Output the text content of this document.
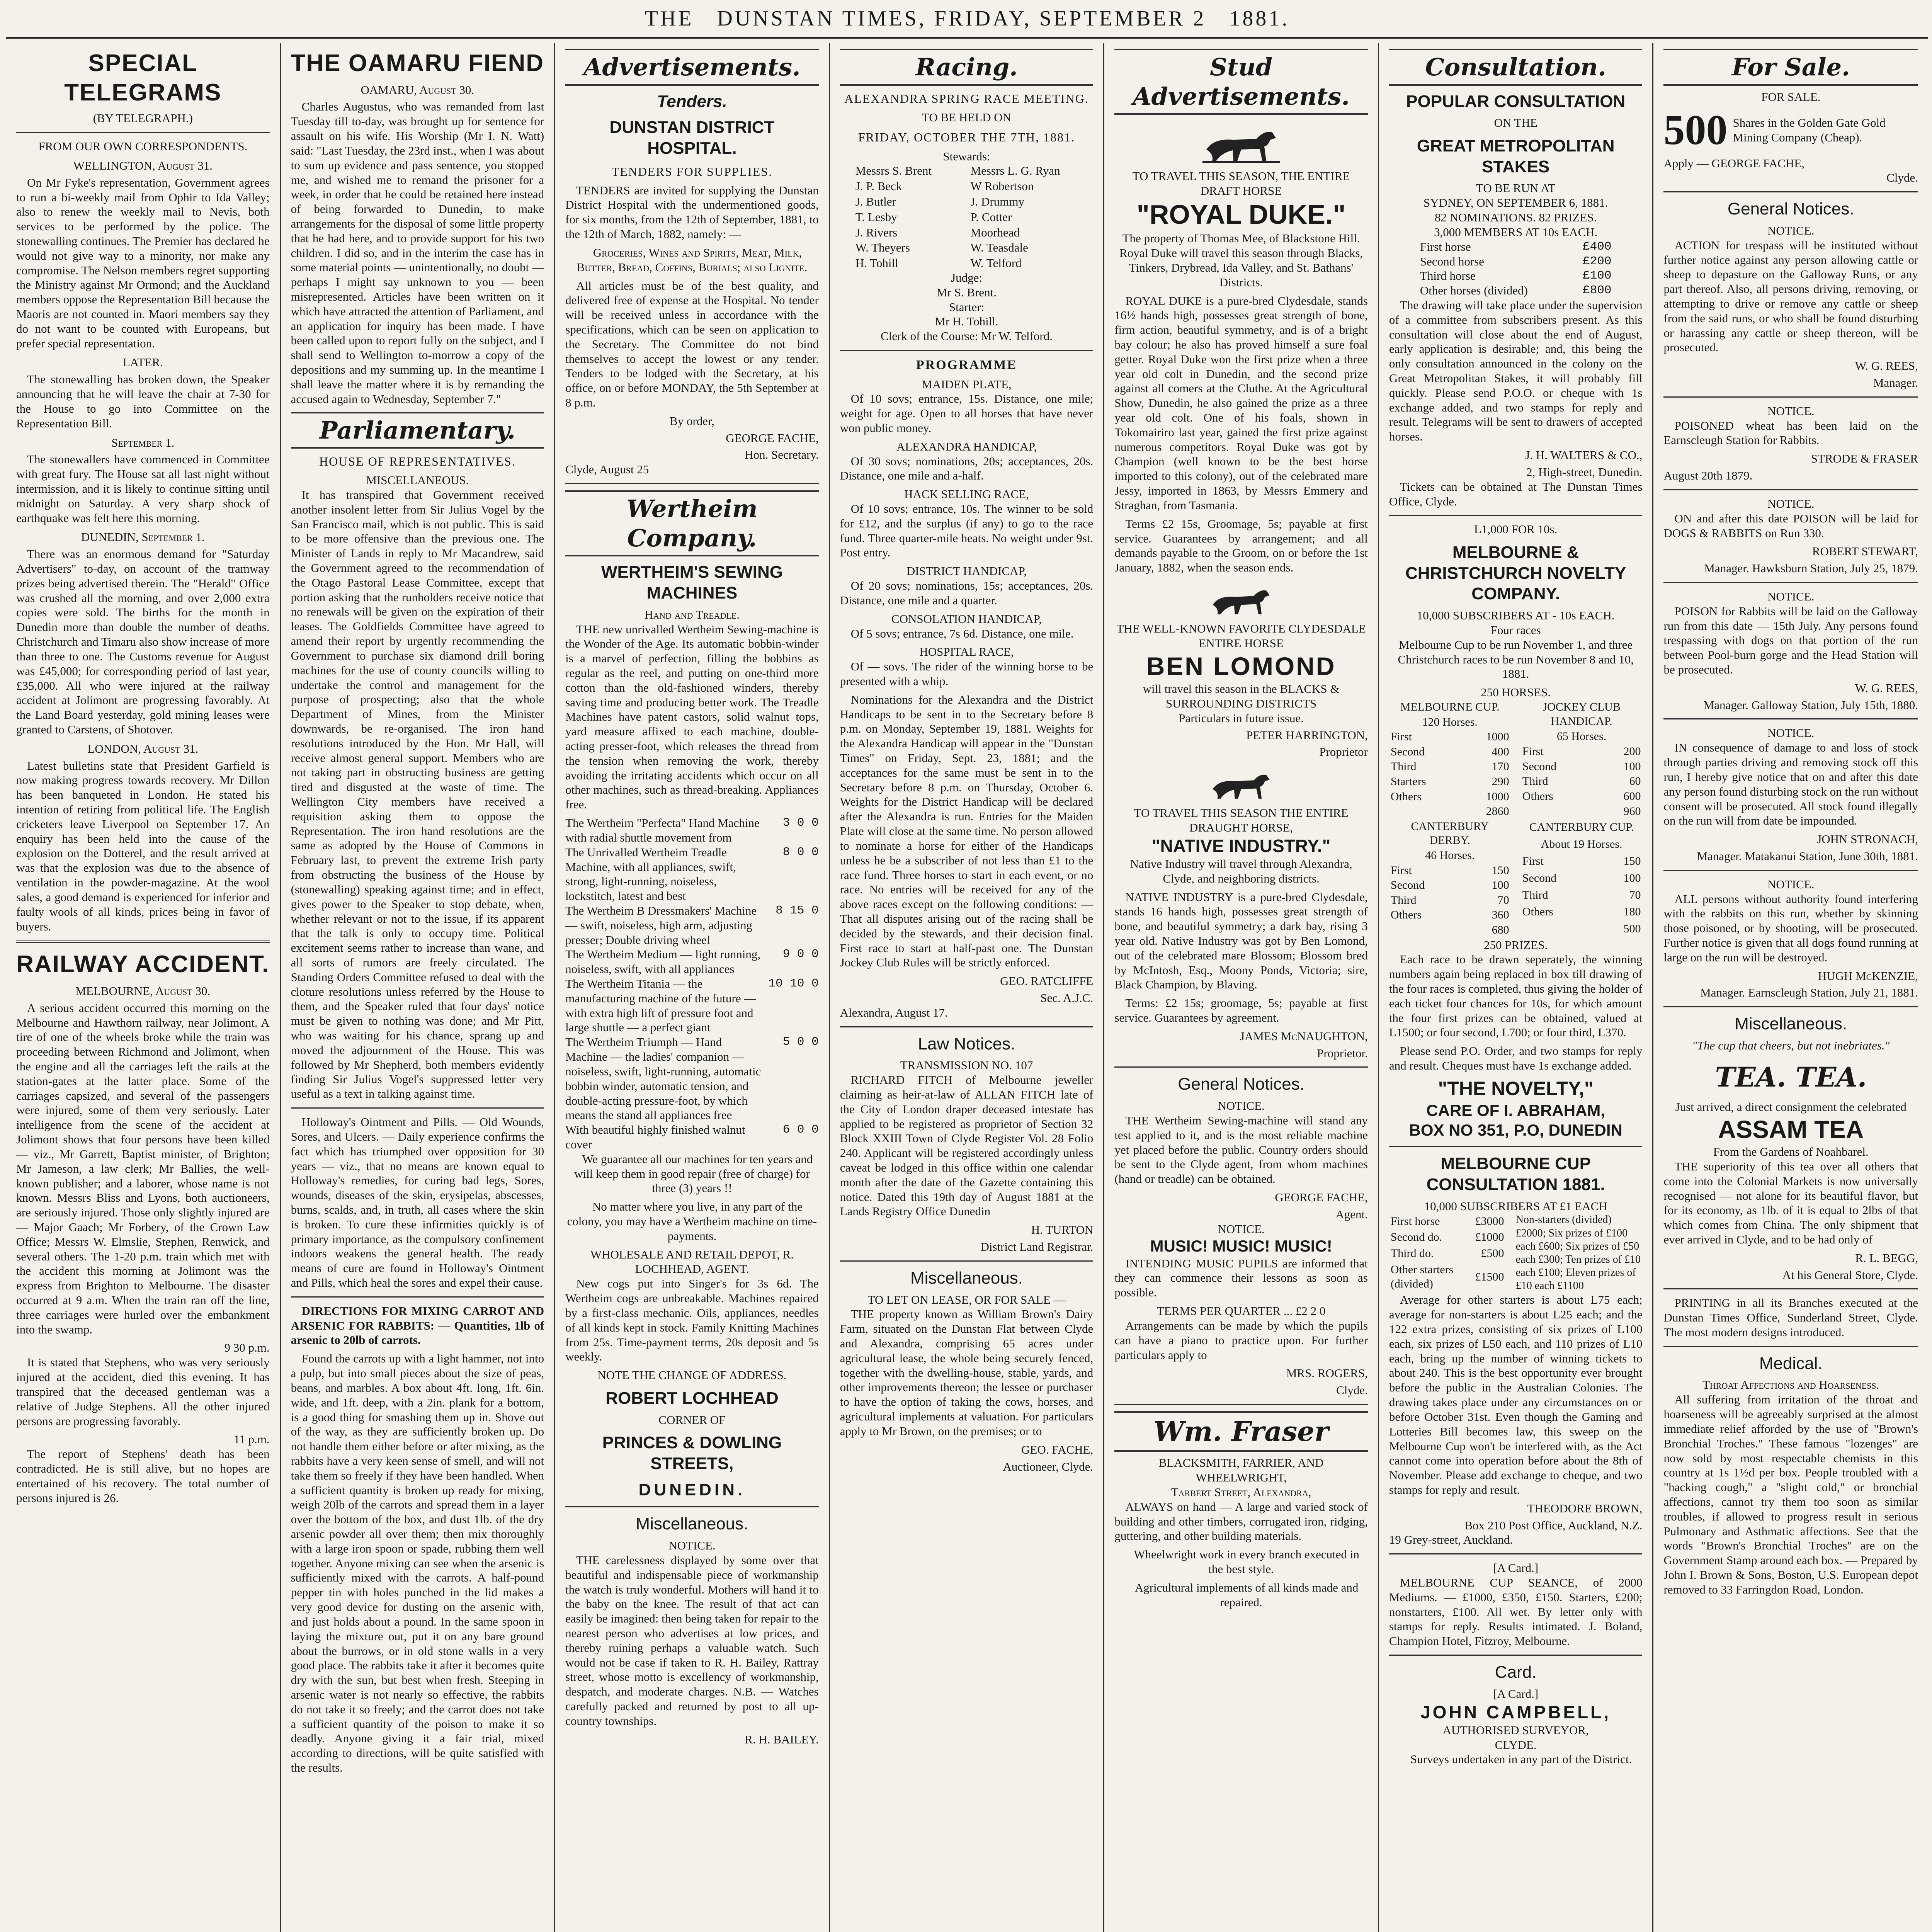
THE DUNSTAN TIMES, FRIDAY, SEPTEMBER 2 1881.
SPECIAL TELEGRAMS
(BY TELEGRAPH.)
FROM OUR OWN CORRESPONDENTS.
WELLINGTON, August 31.

On Mr Fyke's representation, Government agrees to run a bi-weekly mail from Ophir to Ida Valley; also to renew the weekly mail to Nevis, both services to be performed by the police. The stonewalling continues. The Premier has declared he would not give way to a minority, nor make any compromise. The Nelson members regret supporting the Ministry against Mr Ormond; and the Auckland members oppose the Representation Bill because the Maoris are not counted in. Maori members say they do not want to be counted with Europeans, but prefer special representation.

LATER.

The stonewalling has broken down, the Speaker announcing that he will leave the chair at 7-30 for the House to go into Committee on the Representation Bill.

September 1.

The stonewallers have commenced in Committee with great fury. The House sat all last night without intermission, and it is likely to continue sitting until midnight on Saturday. A very sharp shock of earthquake was felt here this morning.

DUNEDIN, September 1.

There was an enormous demand for "Saturday Advertisers" to-day, on account of the tramway prizes being advertised therein. The "Herald" Office was crushed all the morning, and over 2,000 extra copies were sold. The births for the month in Dunedin more than double the number of deaths. Christchurch and Timaru also show increase of more than three to one. The Customs revenue for August was £45,000; for corresponding period of last year, £35,000. All who were injured at the railway accident at Jolimont are progressing favorably. At the Land Board yesterday, gold mining leases were granted to Carstens, of Shotover.

LONDON, August 31.

Latest bulletins state that President Garfield is now making progress towards recovery. Mr Dillon has been banqueted in London. He stated his intention of retiring from political life. The English cricketers leave Liverpool on September 17. An enquiry has been held into the cause of the explosion on the Dotterel, and the result arrived at was that the explosion was due to the absence of ventilation in the powder-magazine. At the wool sales, a good demand is experienced for inferior and faulty wools of all kinds, prices being in favor of buyers.

RAILWAY ACCIDENT.
MELBOURNE, August 30.

A serious accident occurred this morning on the Melbourne and Hawthorn railway, near Jolimont. A tire of one of the wheels broke while the train was proceeding between Richmond and Jolimont, when the engine and all the carriages left the rails at the station-gates at the latter place. Some of the carriages capsized, and several of the passengers were injured, some of them very seriously. Later intelligence from the scene of the accident at Jolimont shows that four persons have been killed — viz., Mr Garrett, Baptist minister, of Brighton; Mr Jameson, a law clerk; Mr Ballies, the well-known publisher; and a laborer, whose name is not known. Messrs Bliss and Lyons, both auctioneers, are seriously injured. Those only slightly injured are — Major Gaach; Mr Forbery, of the Crown Law Office; Messrs W. Elmslie, Stephen, Renwick, and several others. The 1-20 p.m. train which met with the accident this morning at Jolimont was the express from Brighton to Melbourne. The disaster occurred at 9 a.m. When the train ran off the line, three carriages were hurled over the embankment into the swamp.

9 30 p.m.

It is stated that Stephens, who was very seriously injured at the accident, died this evening. It has transpired that the deceased gentleman was a relative of Judge Stephens. All the other injured persons are progressing favorably.

11 p.m.

The report of Stephens' death has been contradicted. He is still alive, but no hopes are entertained of his recovery. The total number of persons injured is 26.

THE OAMARU FIEND
OAMARU, August 30.

Charles Augustus, who was remanded from last Tuesday till to-day, was brought up for sentence for assault on his wife. His Worship (Mr I. N. Watt) said: "Last Tuesday, the 23rd inst., when I was about to sum up evidence and pass sentence, you stopped me, and wished me to remand the prisoner for a week, in order that he could be retained here instead of being forwarded to Dunedin, to make arrangements for the disposal of some little property that he had here, and to provide support for his two children. I did so, and in the interim the case has in some material points — unintentionally, no doubt — perhaps I might say unknown to you — been misrepresented. Articles have been written on it which have attracted the attention of Parliament, and an application for inquiry has been made. I have been called upon to report fully on the subject, and I shall send to Wellington to-morrow a copy of the depositions and my summing up. In the meantime I shall leave the matter where it is by remanding the accused again to Wednesday, September 7."

Parliamentary.
HOUSE OF REPRESENTATIVES.
MISCELLANEOUS.

It has transpired that Government received another insolent letter from Sir Julius Vogel by the San Francisco mail, which is not public. This is said to be more offensive than the previous one. The Minister of Lands in reply to Mr Macandrew, said the Government agreed to the recommendation of the Otago Pastoral Lease Committee, except that portion asking that the runholders receive notice that no renewals will be given on the expiration of their leases. The Goldfields Committee have agreed to amend their report by urgently recommending the Government to purchase six diamond drill boring machines for the use of county councils willing to undertake the control and management for the purpose of prospecting; also that the whole Department of Mines, from the Minister downwards, be re-organised. The iron hand resolutions introduced by the Hon. Mr Hall, will receive almost general support. Members who are not taking part in obstructing business are getting tired and disgusted at the waste of time. The Wellington City members have received a requisition asking them to oppose the Representation. The iron hand resolutions are the same as adopted by the House of Commons in February last, to prevent the extreme Irish party from obstructing the business of the House by (stonewalling) speaking against time; and in effect, gives power to the Speaker to stop debate, when, whether relevant or not to the issue, if its apparent that the talk is only to occupy time. Political excitement seems rather to increase than wane, and all sorts of rumors are freely circulated. The Standing Orders Committee refused to deal with the cloture resolutions unless referred by the House to them, and the Speaker ruled that four days' notice must be given to nothing was done; and Mr Pitt, who was waiting for his chance, sprang up and moved the adjournment of the House. This was followed by Mr Shepherd, both members evidently finding Sir Julius Vogel's suppressed letter very useful as a text in talking against time.

Holloway's Ointment and Pills. — Old Wounds, Sores, and Ulcers. — Daily experience confirms the fact which has triumphed over opposition for 30 years — viz., that no means are known equal to Holloway's remedies, for curing bad legs, Sores, wounds, diseases of the skin, erysipelas, abscesses, burns, scalds, and, in truth, all cases where the skin is broken. To cure these infirmities quickly is of primary importance, as the compulsory confinement indoors weakens the general health. The ready means of cure are found in Holloway's Ointment and Pills, which heal the sores and expel their cause.

DIRECTIONS FOR MIXING CARROT AND ARSENIC FOR RABBITS: — Quantities, 1lb of arsenic to 20lb of carrots.

Found the carrots up with a light hammer, not into a pulp, but into small pieces about the size of peas, beans, and marbles. A box about 4ft. long, 1ft. 6in. wide, and 1ft. deep, with a 2in. plank for a bottom, is a good thing for smashing them up in. Shove out of the way, as they are sufficiently broken up. Do not handle them either before or after mixing, as the rabbits have a very keen sense of smell, and will not take them so freely if they have been handled. When a sufficient quantity is broken up ready for mixing, weigh 20lb of the carrots and spread them in a layer over the bottom of the box, and dust 1lb. of the dry arsenic powder all over them; then mix thoroughly with a large iron spoon or spade, rubbing them well together. Anyone mixing can see when the arsenic is sufficiently mixed with the carrots. A half-pound pepper tin with holes punched in the lid makes a very good device for dusting on the arsenic with, and just holds about a pound. In the same spoon in laying the mixture out, put it on any bare ground about the burrows, or in old stone walls in a very good place. The rabbits take it after it becomes quite dry with the sun, but best when fresh. Steeping in arsenic water is not nearly so effective, the rabbits do not take it so freely; and the carrot does not take a sufficient quantity of the poison to make it so deadly. Anyone giving it a fair trial, mixed according to directions, will be quite satisfied with the results.

Advertisements.
Tenders.
DUNSTAN DISTRICT HOSPITAL.
TENDERS FOR SUPPLIES.

TENDERS are invited for supplying the Dunstan District Hospital with the undermentioned goods, for six months, from the 12th of September, 1881, to the 12th of March, 1882, namely: —

Groceries, Wines and Spirits, Meat, Milk, Butter, Bread, Coffins, Burials; also Lignite.

All articles must be of the best quality, and delivered free of expense at the Hospital. No tender will be received unless in accordance with the specifications, which can be seen on application to the Secretary. The Committee do not bind themselves to accept the lowest or any tender. Tenders to be lodged with the Secretary, at his office, on or before MONDAY, the 5th September at 8 p.m.

By order,
GEORGE FACHE,
Hon. Secretary.
Clyde, August 25
Wertheim Company.
WERTHEIM'S SEWING MACHINES
Hand and Treadle.

THE new unrivalled Wertheim Sewing-machine is the Wonder of the Age. Its automatic bobbin-winder is a marvel of perfection, filling the bobbins as regular as the reel, and putting on one-third more cotton than the old-fashioned winders, thereby saving time and producing better work. The Treadle Machines have patent castors, solid walnut tops, yard measure affixed to each machine, double-acting presser-foot, which releases the thread from the tension when removing the work, thereby avoiding the irritating accidents which occur on all other machines, such as thread-breaking. Appliances free.

The Wertheim "Perfecta" Hand Machine with radial shuttle movement from
3 0 0
The Unrivalled Wertheim Treadle Machine, with all appliances, swift, strong, light-running, noiseless, lockstitch, latest and best
8 0 0
The Wertheim B Dressmakers' Machine — swift, noiseless, high arm, adjusting presser; Double driving wheel
8 15 0
The Wertheim Medium — light running, noiseless, swift, with all appliances
9 0 0
The Wertheim Titania — the manufacturing machine of the future — with extra high lift of pressure foot and large shuttle — a perfect giant
10 10 0
The Wertheim Triumph — Hand Machine — the ladies' companion — noiseless, swift, light-running, automatic bobbin winder, automatic tension, and double-acting pressure-foot, by which means the stand all appliances free
5 0 0
With beautiful highly finished walnut cover
6 0 0

We guarantee all our machines for ten years and will keep them in good repair (free of charge) for three (3) years !!

No matter where you live, in any part of the colony, you may have a Wertheim machine on time-payments.

WHOLESALE AND RETAIL DEPOT, R. LOCHHEAD, AGENT.

New cogs put into Singer's for 3s 6d. The Wertheim cogs are unbreakable. Machines repaired by a first-class mechanic. Oils, appliances, needles of all kinds kept in stock. Family Knitting Machines from 25s. Time-payment terms, 20s deposit and 5s weekly.

NOTE THE CHANGE OF ADDRESS.
ROBERT LOCHHEAD
CORNER OF
PRINCES & DOWLING STREETS,
DUNEDIN.
Miscellaneous.
NOTICE.

THE carelessness displayed by some over that beautiful and indispensable piece of workmanship the watch is truly wonderful. Mothers will hand it to the baby on the knee. The result of that act can easily be imagined: then being taken for repair to the nearest person who advertises at low prices, and thereby ruining perhaps a valuable watch. Such would not be case if taken to R. H. Bailey, Rattray street, whose motto is excellency of workmanship, despatch, and moderate charges. N.B. — Watches carefully packed and returned by post to all up-country townships.

R. H. BAILEY.
Racing.
ALEXANDRA SPRING RACE MEETING.
TO BE HELD ON
FRIDAY, OCTOBER THE 7TH, 1881.
Stewards:
Messrs S. Brent	Messrs L. G. Ryan
J. P. Beck	W Robertson
J. Butler	J. Drummy
T. Lesby	P. Cotter
J. Rivers	Moorhead
W. Theyers	W. Teasdale
H. Tohill	W. Telford
Judge:
Mr S. Brent.
Starter:
Mr H. Tohill.
Clerk of the Course: Mr W. Telford.
PROGRAMME
MAIDEN PLATE,

Of 10 sovs; entrance, 15s. Distance, one mile; weight for age. Open to all horses that have never won public money.

ALEXANDRA HANDICAP,

Of 30 sovs; nominations, 20s; acceptances, 20s. Distance, one mile and a-half.

HACK SELLING RACE,

Of 10 sovs; entrance, 10s. The winner to be sold for £12, and the surplus (if any) to go to the race fund. Three quarter-mile heats. No weight under 9st. Post entry.

DISTRICT HANDICAP,

Of 20 sovs; nominations, 15s; acceptances, 20s. Distance, one mile and a quarter.

CONSOLATION HANDICAP,

Of 5 sovs; entrance, 7s 6d. Distance, one mile.

HOSPITAL RACE,

Of — sovs. The rider of the winning horse to be presented with a whip.

Nominations for the Alexandra and the District Handicaps to be sent in to the Secretary before 8 p.m. on Monday, September 19, 1881. Weights for the Alexandra Handicap will appear in the "Dunstan Times" on Friday, Sept. 23, 1881; and the acceptances for the same must be sent in to the Secretary before 8 p.m. on Thursday, October 6. Weights for the District Handicap will be declared after the Alexandra is run. Entries for the Maiden Plate will close at the same time. No person allowed to nominate a horse for either of the Handicaps unless he be a subscriber of not less than £1 to the race fund. Three horses to start in each event, or no race. No entries will be received for any of the above races except on the following conditions: — That all disputes arising out of the racing shall be decided by the stewards, and their decision final. First race to start at half-past one. The Dunstan Jockey Club Rules will be strictly enforced.

GEO. RATCLIFFE
Sec. A.J.C.
Alexandra, August 17.
Law Notices.
TRANSMISSION NO. 107

RICHARD FITCH of Melbourne jeweller claiming as heir-at-law of ALLAN FITCH late of the City of London draper deceased intestate has applied to be registered as proprietor of Section 32 Block XXIII Town of Clyde Register Vol. 28 Folio 240. Applicant will be registered accordingly unless caveat be lodged in this office within one calendar month after the date of the Gazette containing this notice. Dated this 19th day of August 1881 at the Lands Registry Office Dunedin

H. TURTON
District Land Registrar.
Miscellaneous.
TO LET ON LEASE, OR FOR SALE —

THE property known as William Brown's Dairy Farm, situated on the Dunstan Flat between Clyde and Alexandra, comprising 65 acres under agricultural lease, the whole being securely fenced, together with the dwelling-house, stable, yards, and other improvements thereon; the lessee or purchaser to have the option of taking the cows, horses, and agricultural implements at valuation. For particulars apply to Mr Brown, on the premises; or to

GEO. FACHE,
Auctioneer, Clyde.
Stud Advertisements.
TO TRAVEL THIS SEASON, THE ENTIRE DRAFT HORSE
"ROYAL DUKE."
The property of Thomas Mee, of Blackstone Hill.

Royal Duke will travel this season through Blacks, Tinkers, Drybread, Ida Valley, and St. Bathans' Districts.

ROYAL DUKE is a pure-bred Clydesdale, stands 16½ hands high, possesses great strength of bone, firm action, beautiful symmetry, and is of a bright bay colour; he also has proved himself a sure foal getter. Royal Duke won the first prize when a three year old colt in Dunedin, and the second prize against all comers at the Cluthe. At the Agricultural Show, Dunedin, he also gained the prize as a three year old colt. One of his foals, shown in Tokomairiro last year, gained the first prize against numerous competitors. Royal Duke was got by Champion (well known to be the best horse imported to this colony), out of the celebrated mare Jessy, imported in 1863, by Messrs Emmery and Straghan, from Tasmania.

Terms £2 15s, Groomage, 5s; payable at first service. Guarantees by arrangement; and all demands payable to the Groom, on or before the 1st January, 1882, when the season ends.

THE WELL-KNOWN FAVORITE CLYDESDALE ENTIRE HORSE
BEN LOMOND
will travel this season in the BLACKS & SURROUNDING DISTRICTS
Particulars in future issue.
PETER HARRINGTON,
Proprietor
TO TRAVEL THIS SEASON THE ENTIRE DRAUGHT HORSE,
"NATIVE INDUSTRY."

Native Industry will travel through Alexandra, Clyde, and neighboring districts.

NATIVE INDUSTRY is a pure-bred Clydesdale, stands 16 hands high, possesses great strength of bone, and beautiful symmetry; a dark bay, rising 3 year old. Native Industry was got by Ben Lomond, out of the celebrated mare Blossom; Blossom bred by McIntosh, Esq., Moony Ponds, Victoria; sire, Black Champion, by Blaving.

Terms: £2 15s; groomage, 5s; payable at first service. Guarantees by agreement.

JAMES McNAUGHTON,
Proprietor.
General Notices.
NOTICE.

THE Wertheim Sewing-machine will stand any test applied to it, and is the most reliable machine yet placed before the public. Country orders should be sent to the Clyde agent, from whom machines (hand or treadle) can be obtained.

GEORGE FACHE,
Agent.
NOTICE.
MUSIC! MUSIC! MUSIC!

INTENDING MUSIC PUPILS are informed that they can commence their lessons as soon as possible.

TERMS PER QUARTER ... £2 2 0

Arrangements can be made by which the pupils can have a piano to practice upon. For further particulars apply to

MRS. ROGERS,
Clyde.
Wm. Fraser
BLACKSMITH, FARRIER, AND WHEELWRIGHT,
Tarbert Street, Alexandra,

ALWAYS on hand — A large and varied stock of building and other timbers, corrugated iron, ridging, guttering, and other building materials.

Wheelwright work in every branch executed in the best style.

Agricultural implements of all kinds made and repaired.

Consultation.
POPULAR CONSULTATION
ON THE
GREAT METROPOLITAN STAKES
TO BE RUN AT
SYDNEY, ON SEPTEMBER 6, 1881.
82 NOMINATIONS. 82 PRIZES.
3,000 MEMBERS AT 10s EACH.
First horse	£400
Second horse	£200
Third horse	£100
Other horses (divided)	£800

The drawing will take place under the supervision of a committee from subscribers present. As this consultation will close about the end of August, early application is desirable; and, this being the only consultation announced in the colony on the Great Metropolitan Stakes, it will probably fill quickly. Please send P.O.O. or cheque with 1s exchange added, and two stamps for reply and result. Telegrams will be sent to drawers of accepted horses.

J. H. WALTERS & CO.,
2, High-street, Dunedin.

Tickets can be obtained at The Dunstan Times Office, Clyde.

L1,000 FOR 10s.
MELBOURNE & CHRISTCHURCH NOVELTY COMPANY.
10,000 SUBSCRIBERS AT - 10s EACH.
Four races

Melbourne Cup to be run November 1, and three Christchurch races to be run November 8 and 10, 1881.

250 HORSES.
MELBOURNE CUP.	
120 Horses.	
First	1000
Second	400
Third	170
Starters	290
Others	1000
	2860
JOCKEY CLUB HANDICAP.	
65 Horses.	
First	200
Second	100
Third	60
Others	600
	960
CANTERBURY DERBY.	
46 Horses.	
First	150
Second	100
Third	70
Others	360
	680
CANTERBURY CUP.	
About 19 Horses.	
First	150
Second	100
Third	70
Others	180
	500
250 PRIZES.

Each race to be drawn seperately, the winning numbers again being replaced in box till drawing of the four races is completed, thus giving the holder of each ticket four chances for 10s, for which amount the four first prizes can be obtained, valued at L1500; or four second, L700; or four third, L370.

Please send P.O. Order, and two stamps for reply and result. Cheques must have 1s exchange added.

"THE NOVELTY,"
CARE OF I. ABRAHAM,
BOX NO 351, P.O, DUNEDIN
MELBOURNE CUP CONSULTATION 1881.
10,000 SUBSCRIBERS AT £1 EACH
First horse	£3000
Second do.	£1000
Third do.	£500
Other starters (divided)	£1500
Non-starters (divided) £2000; Six prizes of £100 each £600; Six prizes of £50 each £300; Ten prizes of £10 each £100; Eleven prizes of £10 each £1100

Average for other starters is about L75 each; average for non-starters is about L25 each; and the 122 extra prizes, consisting of six prizes of L100 each, six prizes of L50 each, and 110 prizes of L10 each, bring up the number of winning tickets to about 240. This is the best opportunity ever brought before the public in the Australian Colonies. The drawing takes place under any circumstances on or before October 31st. Even though the Gaming and Lotteries Bill becomes law, this sweep on the Melbourne Cup won't be interfered with, as the Act cannot come into operation before about the 8th of November. Please add exchange to cheque, and two stamps for reply and result.

THEODORE BROWN,
Box 210 Post Office, Auckland, N.Z.
19 Grey-street, Auckland.
[A Card.]

MELBOURNE CUP SEANCE, of 2000 Mediums. — £1000, £350, £150. Starters, £200; nonstarters, £100. All wet. By letter only with stamps for reply. Results intimated. J. Boland, Champion Hotel, Fitzroy, Melbourne.

Card.
[A Card.]
JOHN CAMPBELL,
AUTHORISED SURVEYOR,
CLYDE.

Surveys undertaken in any part of the District.

For Sale.
FOR SALE.
500 Shares in the Golden Gate Gold Mining Company (Cheap).
Apply — GEORGE FACHE,
Clyde.
General Notices.
NOTICE.

ACTION for trespass will be instituted without further notice against any person allowing cattle or sheep to depasture on the Galloway Runs, or any part thereof. Also, all persons driving, removing, or attempting to drive or remove any cattle or sheep from the said runs, or who shall be found disturbing or harassing any cattle or sheep thereon, will be prosecuted.

W. G. REES,
Manager.
NOTICE.

POISONED wheat has been laid on the Earnscleugh Station for Rabbits.

STRODE & FRASER
August 20th 1879.
NOTICE.

ON and after this date POISON will be laid for DOGS & RABBITS on Run 330.

ROBERT STEWART,
Manager. Hawksburn Station, July 25, 1879.
NOTICE.

POISON for Rabbits will be laid on the Galloway run from this date — 15th July. Any persons found trespassing with dogs on that portion of the run between Pool-burn gorge and the Head Station will be prosecuted.

W. G. REES,
Manager. Galloway Station, July 15th, 1880.
NOTICE.

IN consequence of damage to and loss of stock through parties driving and removing stock off this run, I hereby give notice that on and after this date any person found disturbing stock on the run without consent will be prosecuted. All stock found illegally on the run will from date be impounded.

JOHN STRONACH,
Manager. Matakanui Station, June 30th, 1881.
NOTICE.

ALL persons without authority found interfering with the rabbits on this run, whether by skinning those poisoned, or by shooting, will be prosecuted. Further notice is given that all dogs found running at large on the run will be destroyed.

HUGH McKENZIE,
Manager. Earnscleugh Station, July 21, 1881.
Miscellaneous.
"The cup that cheers, but not inebriates."
TEA. TEA.
Just arrived, a direct consignment the celebrated
ASSAM TEA
From the Gardens of Noahbarel.

THE superiority of this tea over all others that come into the Colonial Markets is now universally recognised — not alone for its beautiful flavor, but for its economy, as 1lb. of it is equal to 2lbs of that which comes from China. The only shipment that ever arrived in Clyde, and to be had only of

R. L. BEGG,
At his General Store, Clyde.

PRINTING in all its Branches executed at the Dunstan Times Office, Sunderland Street, Clyde. The most modern designs introduced.

Medical.
Throat Affections and Hoarseness.

All suffering from irritation of the throat and hoarseness will be agreeably surprised at the almost immediate relief afforded by the use of "Brown's Bronchial Troches." These famous "lozenges" are now sold by most respectable chemists in this country at 1s 1½d per box. People troubled with a "hacking cough," a "slight cold," or bronchial affections, cannot try them too soon as similar troubles, if allowed to progress result in serious Pulmonary and Asthmatic affections. See that the words "Brown's Bronchial Troches" are on the Government Stamp around each box. — Prepared by John I. Brown & Sons, Boston, U.S. European depot removed to 33 Farringdon Road, London.
